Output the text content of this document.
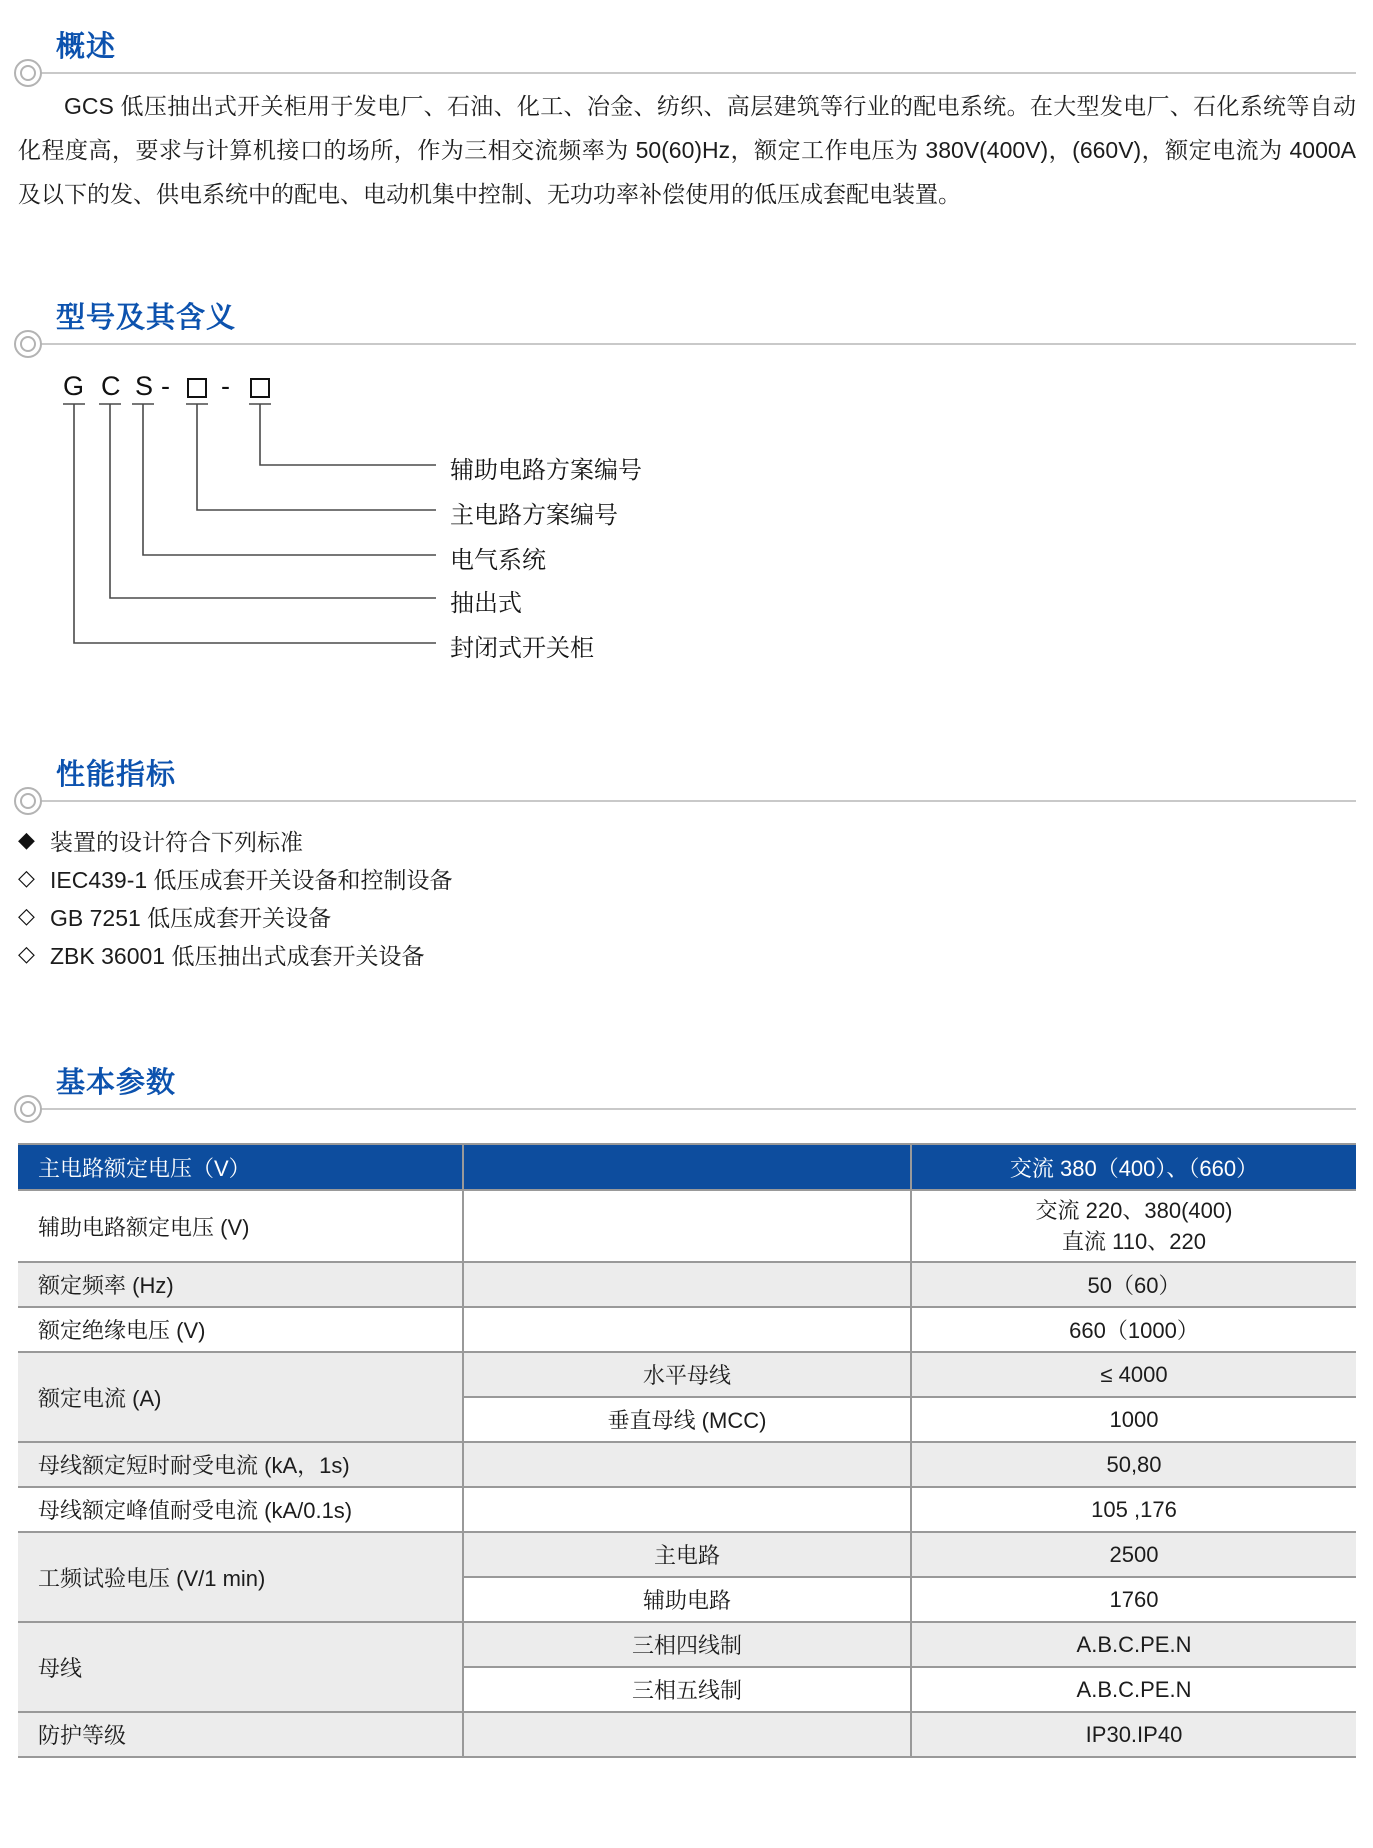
概述
GCS 低压抽出式开关柜用于发电厂、石油、化工、冶金、纺织、高层建筑等行业的配电系统。在大型发电厂、石化系统等自动化程度高，要求与计算机接口的场所，作为三相交流频率为 50(60)Hz，额定工作电压为 380V(400V)，(660V)，额定电流为 4000A 及以下的发、供电系统中的配电、电动机集中控制、无功功率补偿使用的低压成套配电装置。
型号及其含义
G C S - -
辅助电路方案编号
主电路方案编号
电气系统
抽出式
封闭式开关柜
性能指标
◆ 装置的设计符合下列标准
◇ IEC439-1 低压成套开关设备和控制设备
◇ GB 7251 低压成套开关设备
◇ ZBK 36001 低压抽出式成套开关设备
基本参数
主电路额定电压（V）		交流 380（400）、（660）
辅助电路额定电压 (V)		交流 220、380(400)
直流 110、220

额定频率 (Hz)		50（60）
额定绝缘电压 (V)		660（1000）
额定电流 (A)	水平母线	≤ 4000
	垂直母线 (MCC)	1000
母线额定短时耐受电流 (kA，1s)		50,80
母线额定峰值耐受电流 (kA/0.1s)		105 ,176
工频试验电压 (V/1 min)	主电路	2500
	辅助电路	1760
母线	三相四线制	A.B.C.PE.N
	三相五线制	A.B.C.PE.N
防护等级		IP30.IP40
